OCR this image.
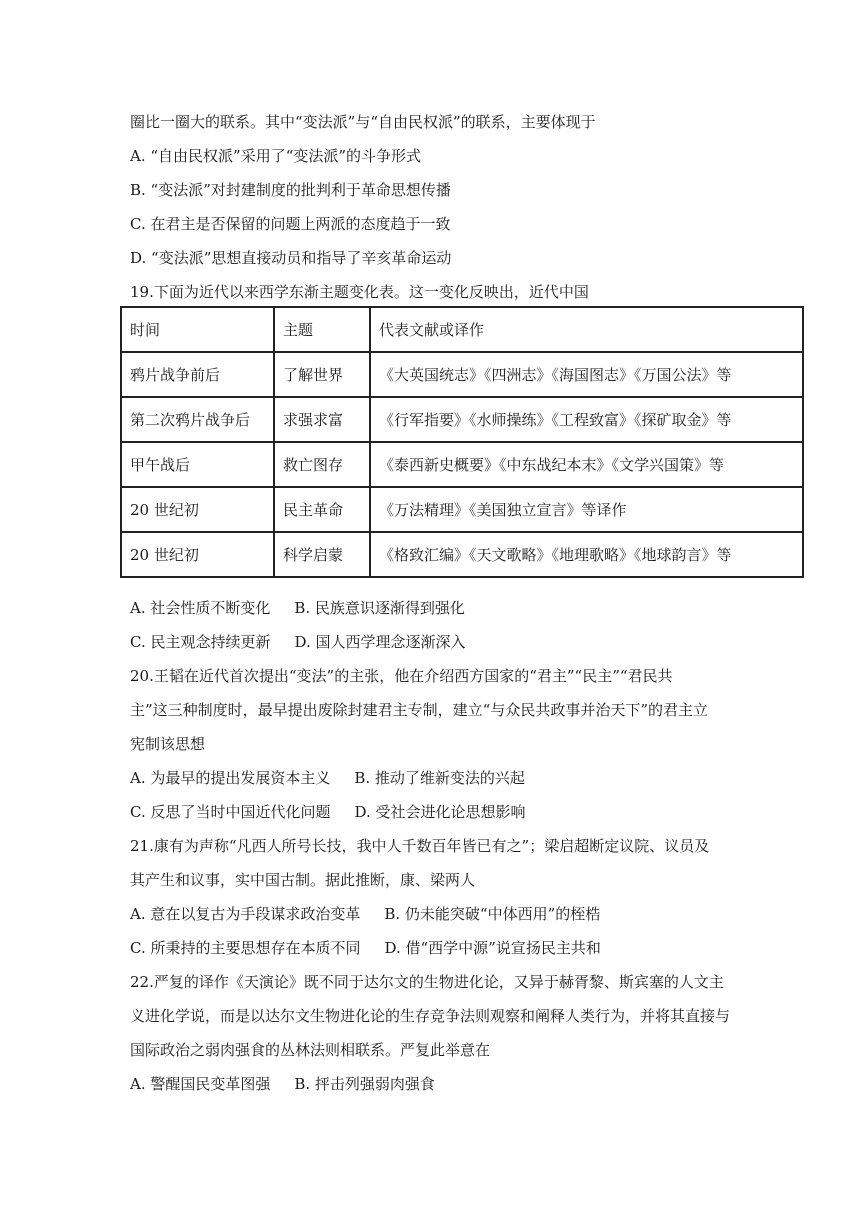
圈比一圈大的联系。其中“变法派”与“自由民权派”的联系，主要体现于
A. “自由民权派”采用了“变法派”的斗争形式
B. “变法派”对封建制度的批判利于革命思想传播
C. 在君主是否保留的问题上两派的态度趋于一致
D. “变法派”思想直接动员和指导了辛亥革命运动
19.下面为近代以来西学东渐主题变化表。这一变化反映出，近代中国
时间	主题	代表文献或译作
鸦片战争前后	了解世界	《大英国统志》《四洲志》《海国图志》《万国公法》等
第二次鸦片战争后	求强求富	《行军指要》《水师操练》《工程致富》《探矿取金》等
甲午战后	救亡图存	《泰西新史概要》《中东战纪本末》《文学兴国策》等
20 世纪初	民主革命	《万法精理》《美国独立宣言》等译作
20 世纪初	科学启蒙	《格致汇编》《天文歌略》《地理歌略》《地球韵言》等
A. 社会性质不断变化 B. 民族意识逐渐得到强化
C. 民主观念持续更新 D. 国人西学理念逐渐深入
20.王韬在近代首次提出“变法”的主张，他在介绍西方国家的“君主”“民主”“君民共
主”这三种制度时，最早提出废除封建君主专制，建立“与众民共政事并治天下”的君主立
宪制该思想
A. 为最早的提出发展资本主义 B. 推动了维新变法的兴起
C. 反思了当时中国近代化问题 D. 受社会进化论思想影响
21.康有为声称“凡西人所号长技，我中人千数百年皆已有之”；梁启超断定议院、议员及
其产生和议事，实中国古制。据此推断，康、梁两人
A. 意在以复古为手段谋求政治变革 B. 仍未能突破“中体西用”的桎梏
C. 所秉持的主要思想存在本质不同 D. 借“西学中源”说宣扬民主共和
22.严复的译作《天演论》既不同于达尔文的生物进化论，又异于赫胥黎、斯宾塞的人文主
义进化学说，而是以达尔文生物进化论的生存竞争法则观察和阐释人类行为，并将其直接与
国际政治之弱肉强食的丛林法则相联系。严复此举意在
A. 警醒国民变革图强 B. 抨击列强弱肉强食
